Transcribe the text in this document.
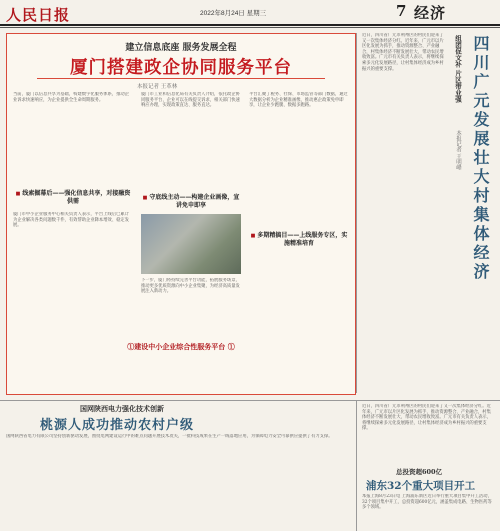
人民日报	2022年8月24日 星期三	7 经济
建立信息底座 服务发展全程
厦门搭建政企协同服务平台
本报记者 王革林
当前，厦门以信息共享为基础，构建数字化服务体系，推动企业诉求快速响应，为企业提供全生命周期服务。
厦门市工业和信息化局有关负责人介绍，依托政企协同服务平台，企业可以在线提交诉求，相关部门快速响应办理，实现政策直达、服务直达。
平台汇聚了税务、社保、市场监管等部门数据，通过大数据分析为企业精准画像，推动惠企政策免申即享，让企业少跑腿、数据多跑路。
■ 线索掘幕后——强化信息共享，对接融资供需
厦门市中小企业服务中心相关负责人表示，平台上线后已累计为企业解决各类问题数千件，有效帮助企业降本增效、稳定发展。
■ 守底线主动——构建企业画像，宣讲免申即享
下一步，厦门将持续完善平台功能，拓展服务场景，推动更多优质资源向中小企业集聚，为经济高质量发展注入新动力。
■ 多期精搞目——上线服务专区，实施精准培育
①建设中小企业综合性服务平台 ①
近日，四川省广元市利州区的村民们迎来了又一次集体经济分红。近年来，广元市以片区化发展为抓手，推动资源整合、产业融合，村集体经济不断发展壮大，带动农民增收致富。广元市有关负责人表示，将继续探索多元化发展路径，让村集体经济成为乡村振兴的重要支撑。	组团促文补 片区带业强 四川广元发展壮大村集体经济
本报记者 王明峰
国网陕西电力强化技术创新
桃源人成功推动农村户级
国网陕西省电力有限公司坚持创新驱动发展，围绕电网建设运行中的难点问题开展技术攻关，一批科技成果在生产一线落地应用，为保障电力安全可靠供应提供了有力支撑。
近日，四川省广元市利州区的村民们迎来了又一次集体经济分红。近年来，广元市以片区化发展为抓手，推动资源整合、产业融合，村集体经济不断发展壮大，带动农民增收致富。广元市有关负责人表示，将继续探索多元化发展路径，让村集体经济成为乡村振兴的重要支撑。
总投资超600亿
浦东32个重大项目开工
本报上海8月23日电 上海浦东新区近日举行重大项目集中开工活动，32个项目集中开工，总投资超600亿元，涵盖集成电路、生物医药等多个领域。
